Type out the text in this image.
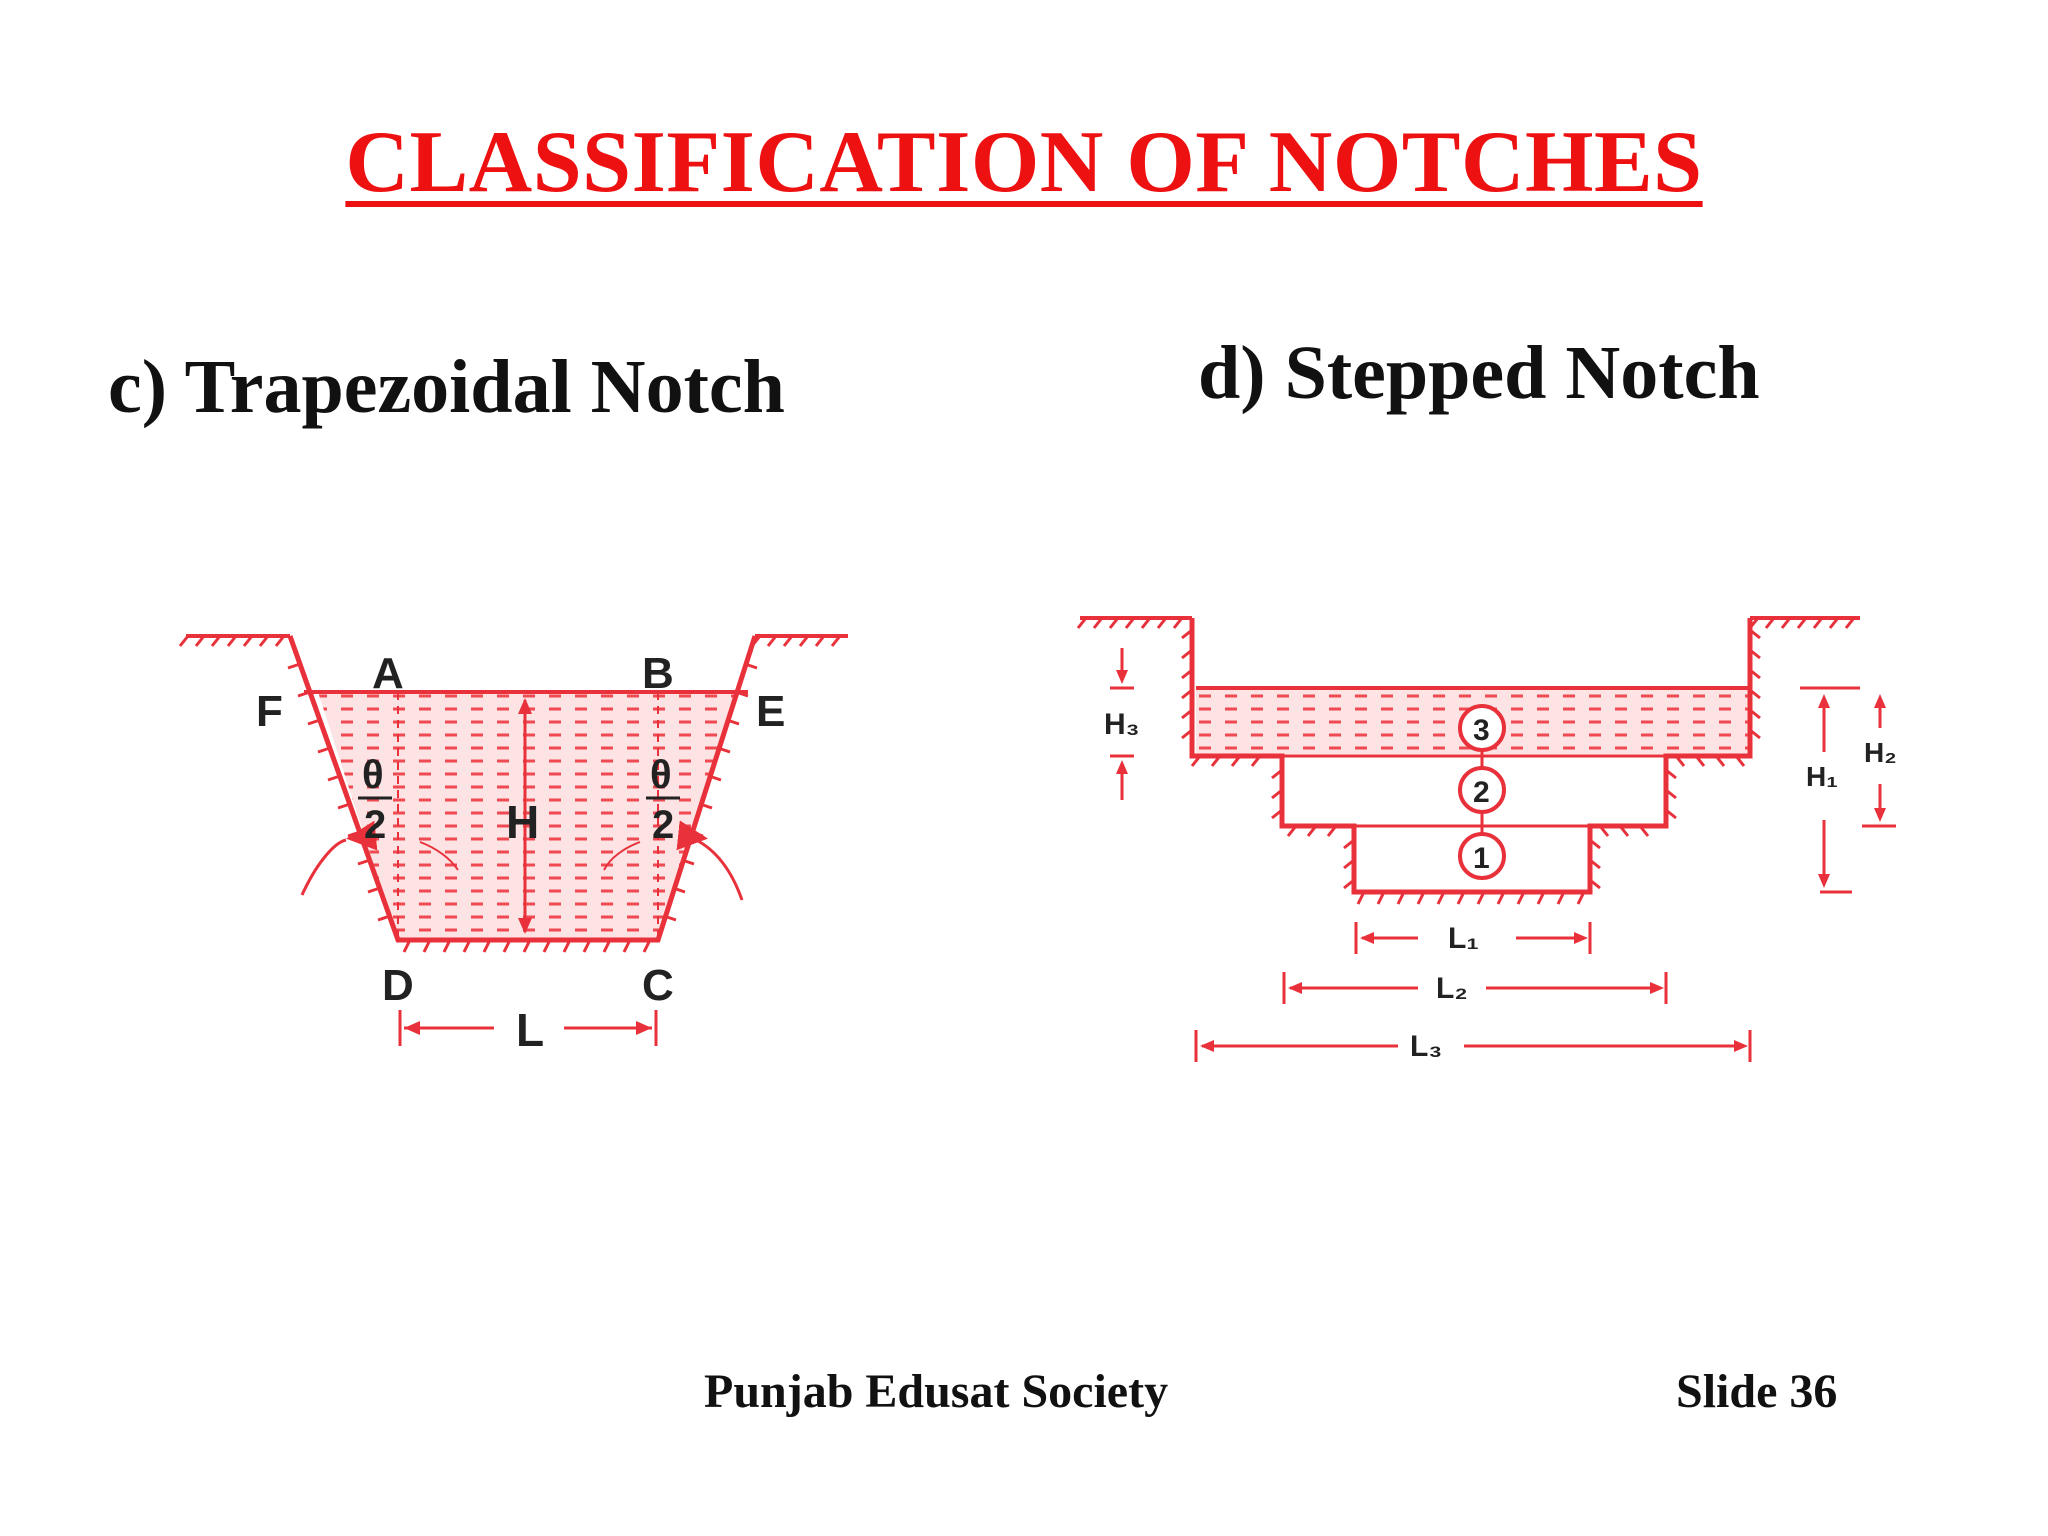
CLASSIFICATION OF NOTCHES
c) Trapezoidal Notch	d) Stepped Notch
A	B
F	E
D	C
H
L
θ
2
θ
2
3
2
1
H₃
H₁
H₂
L₁
L₂
L₃
Punjab Edusat Society	Slide 36
